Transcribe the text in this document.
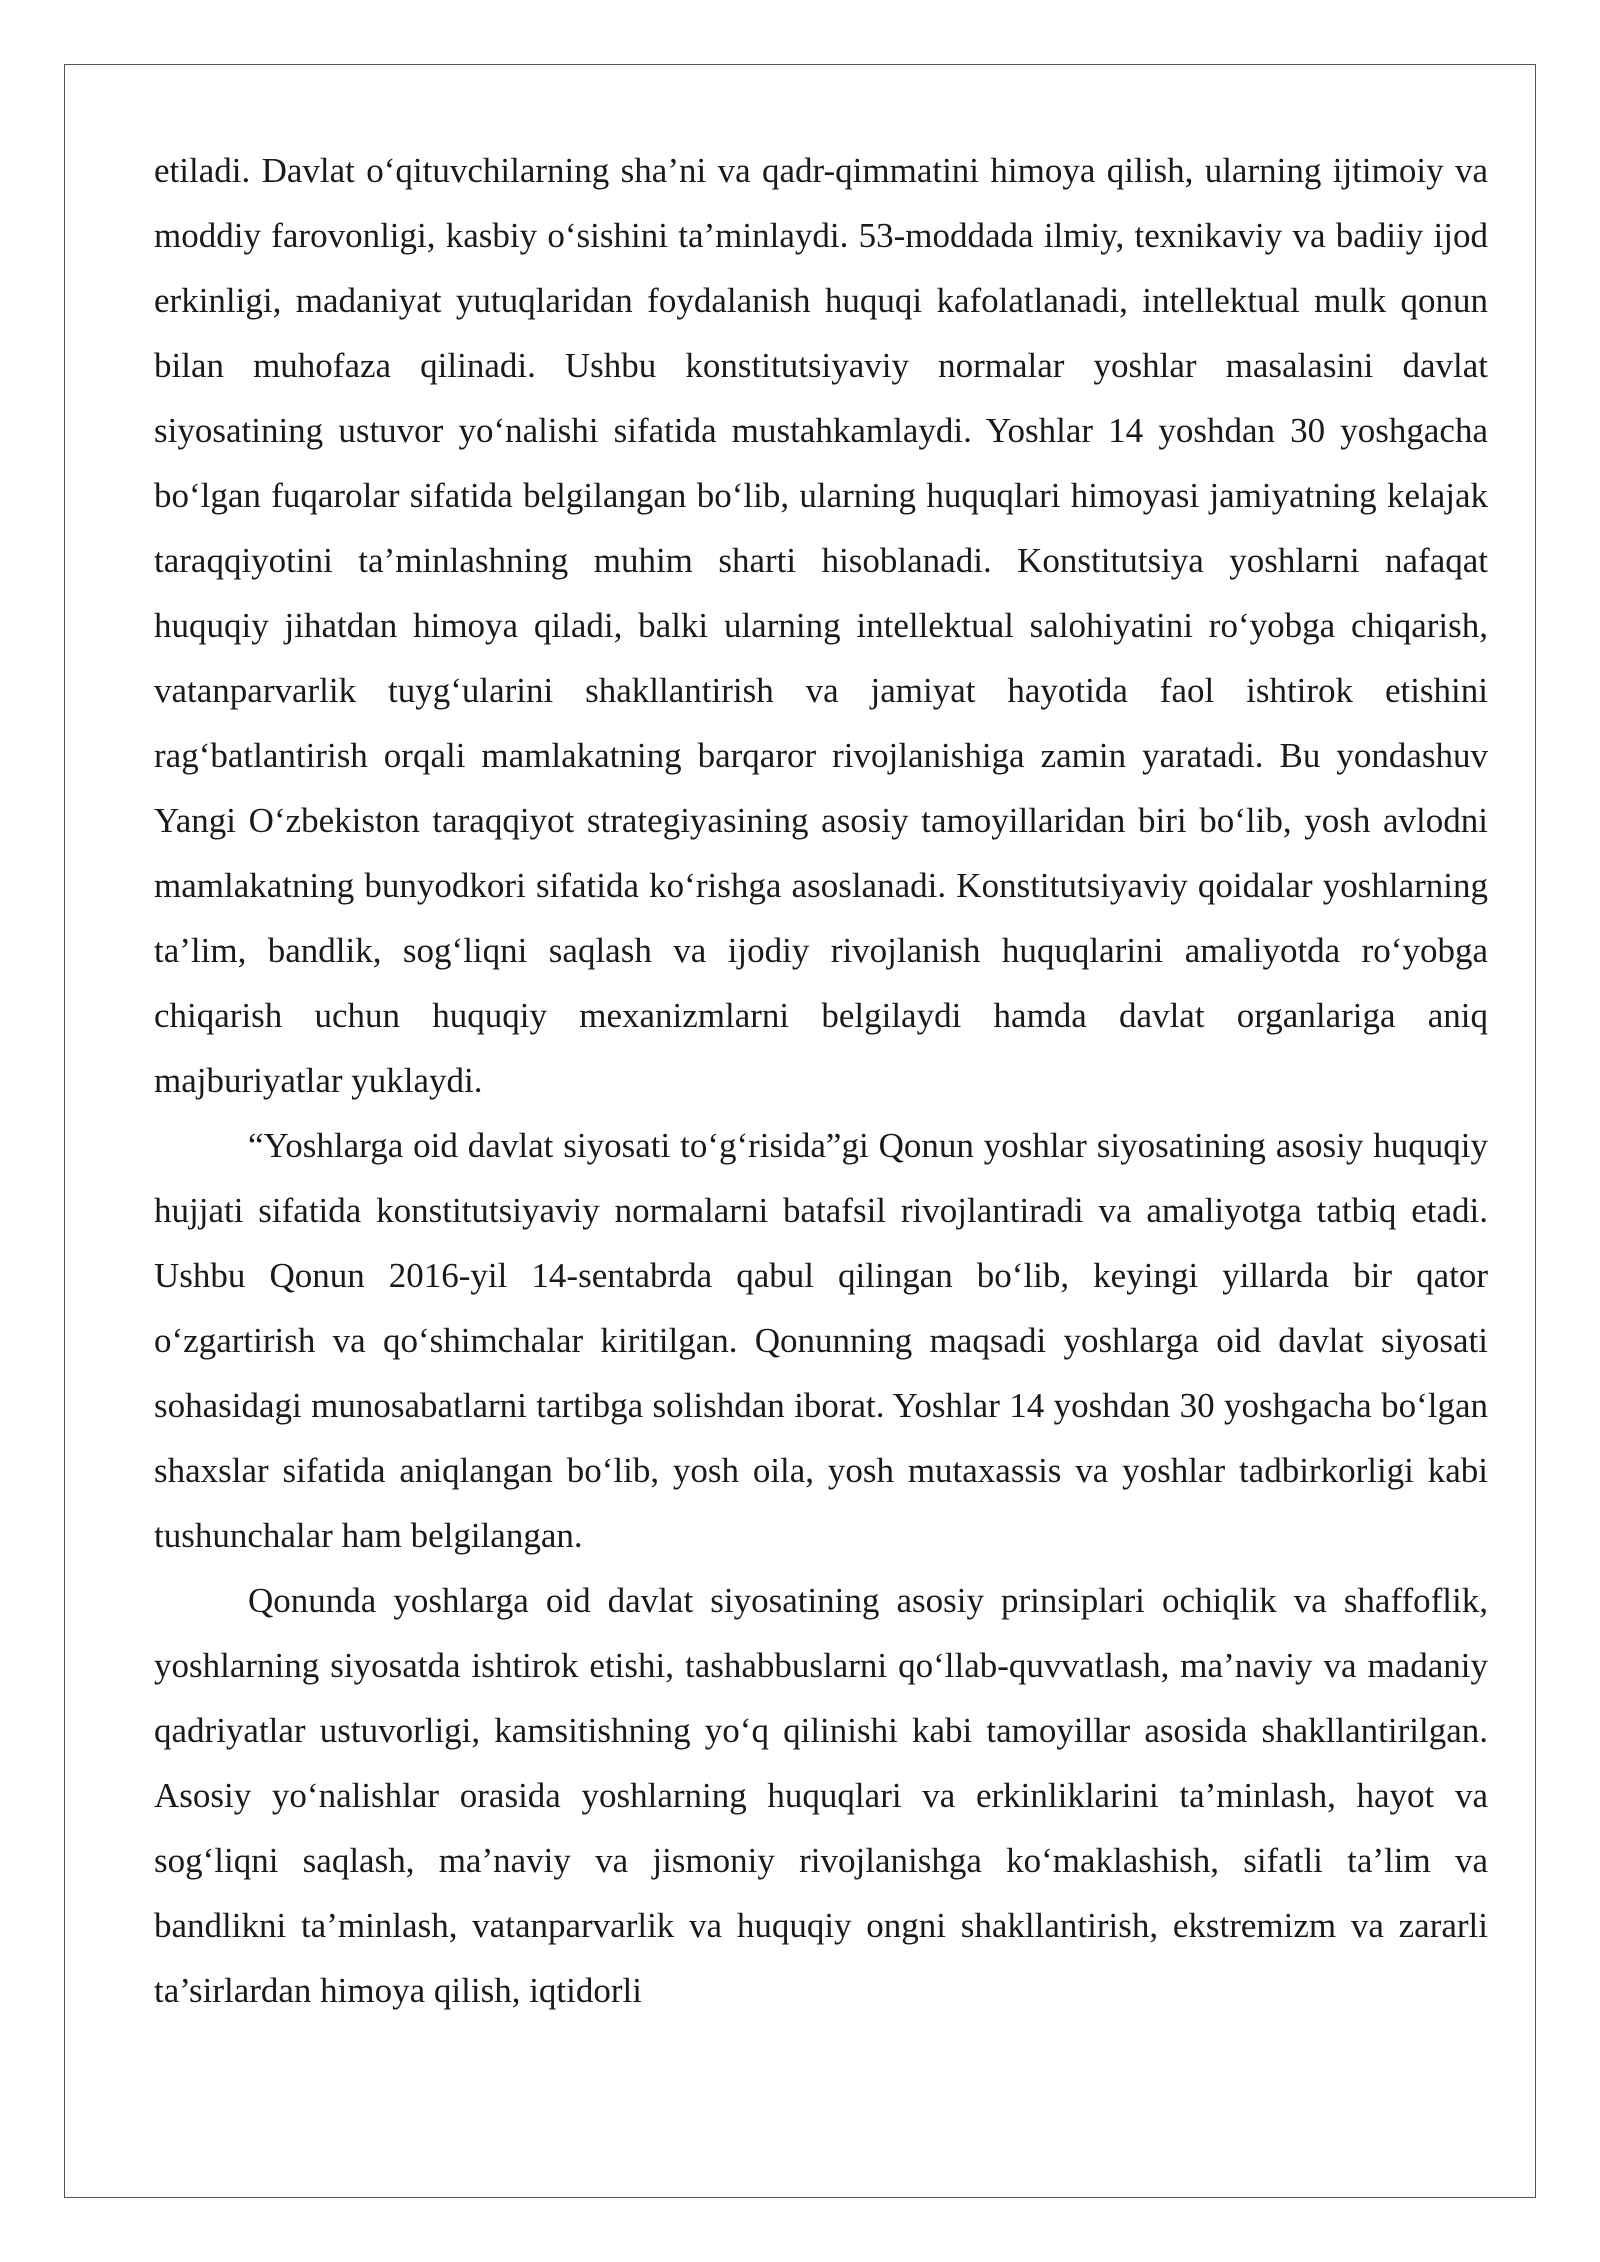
etiladi. Davlat oʻqituvchilarning sha’ni va qadr-qimmatini himoya qilish, ularning ijtimoiy va moddiy farovonligi, kasbiy oʻsishini ta’minlaydi. 53-moddada ilmiy, texnikaviy va badiiy ijod erkinligi, madaniyat yutuqlaridan foydalanish huquqi kafolatlanadi, intellektual mulk qonun bilan muhofaza qilinadi. Ushbu konstitutsiyaviy normalar yoshlar masalasini davlat siyosatining ustuvor yoʻnalishi sifatida mustahkamlaydi. Yoshlar 14 yoshdan 30 yoshgacha boʻlgan fuqarolar sifatida belgilangan boʻlib, ularning huquqlari himoyasi jamiyatning kelajak taraqqiyotini ta’minlashning muhim sharti hisoblanadi. Konstitutsiya yoshlarni nafaqat huquqiy jihatdan himoya qiladi, balki ularning intellektual salohiyatini roʻyobga chiqarish, vatanparvarlik tuygʻularini shakllantirish va jamiyat hayotida faol ishtirok etishini ragʻbatlantirish orqali mamlakatning barqaror rivojlanishiga zamin yaratadi. Bu yondashuv Yangi Oʻzbekiston taraqqiyot strategiyasining asosiy tamoyillaridan biri boʻlib, yosh avlodni mamlakatning bunyodkori sifatida koʻrishga asoslanadi. Konstitutsiyaviy qoidalar yoshlarning ta’lim, bandlik, sogʻliqni saqlash va ijodiy rivojlanish huquqlarini amaliyotda roʻyobga chiqarish uchun huquqiy mexanizmlarni belgilaydi hamda davlat organlariga aniq majburiyatlar yuklaydi.

“Yoshlarga oid davlat siyosati toʻgʻrisida”gi Qonun yoshlar siyosatining asosiy huquqiy hujjati sifatida konstitutsiyaviy normalarni batafsil rivojlantiradi va amaliyotga tatbiq etadi. Ushbu Qonun 2016-yil 14-sentabrda qabul qilingan boʻlib, keyingi yillarda bir qator oʻzgartirish va qoʻshimchalar kiritilgan. Qonunning maqsadi yoshlarga oid davlat siyosati sohasidagi munosabatlarni tartibga solishdan iborat. Yoshlar 14 yoshdan 30 yoshgacha boʻlgan shaxslar sifatida aniqlangan boʻlib, yosh oila, yosh mutaxassis va yoshlar tadbirkorligi kabi tushunchalar ham belgilangan.

Qonunda yoshlarga oid davlat siyosatining asosiy prinsiplari ochiqlik va shaffoflik, yoshlarning siyosatda ishtirok etishi, tashabbuslarni qoʻllab-quvvatlash, ma’naviy va madaniy qadriyatlar ustuvorligi, kamsitishning yoʻq qilinishi kabi tamoyillar asosida shakllantirilgan. Asosiy yoʻnalishlar orasida yoshlarning huquqlari va erkinliklarini ta’minlash, hayot va sogʻliqni saqlash, ma’naviy va jismoniy rivojlanishga koʻmaklashish, sifatli ta’lim va bandlikni ta’minlash, vatanparvarlik va huquqiy ongni shakllantirish, ekstremizm va zararli ta’sirlardan himoya qilish, iqtidorli
